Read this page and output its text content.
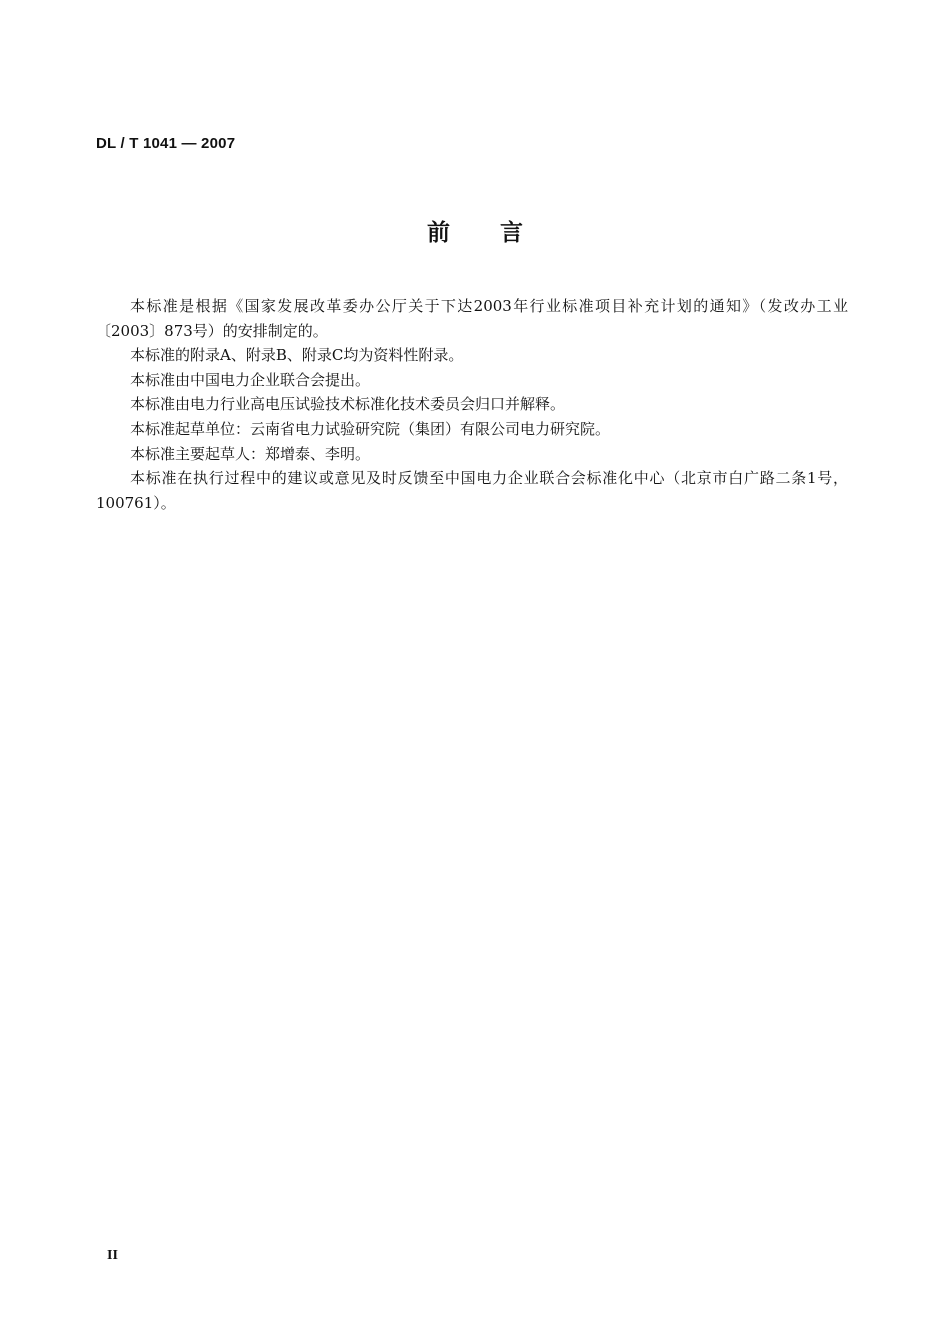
DL / T 1041 — 2007
前言

本标准是根据《国家发展改革委办公厅关于下达2003年行业标准项目补充计划的通知》（发改办工业〔2003〕873号）的安排制定的。

本标准的附录A、附录B、附录C均为资料性附录。

本标准由中国电力企业联合会提出。

本标准由电力行业高电压试验技术标准化技术委员会归口并解释。

本标准起草单位：云南省电力试验研究院（集团）有限公司电力研究院。

本标准主要起草人：郑增泰、李明。

本标准在执行过程中的建议或意见及时反馈至中国电力企业联合会标准化中心（北京市白广路二条1号，100761）。

II
